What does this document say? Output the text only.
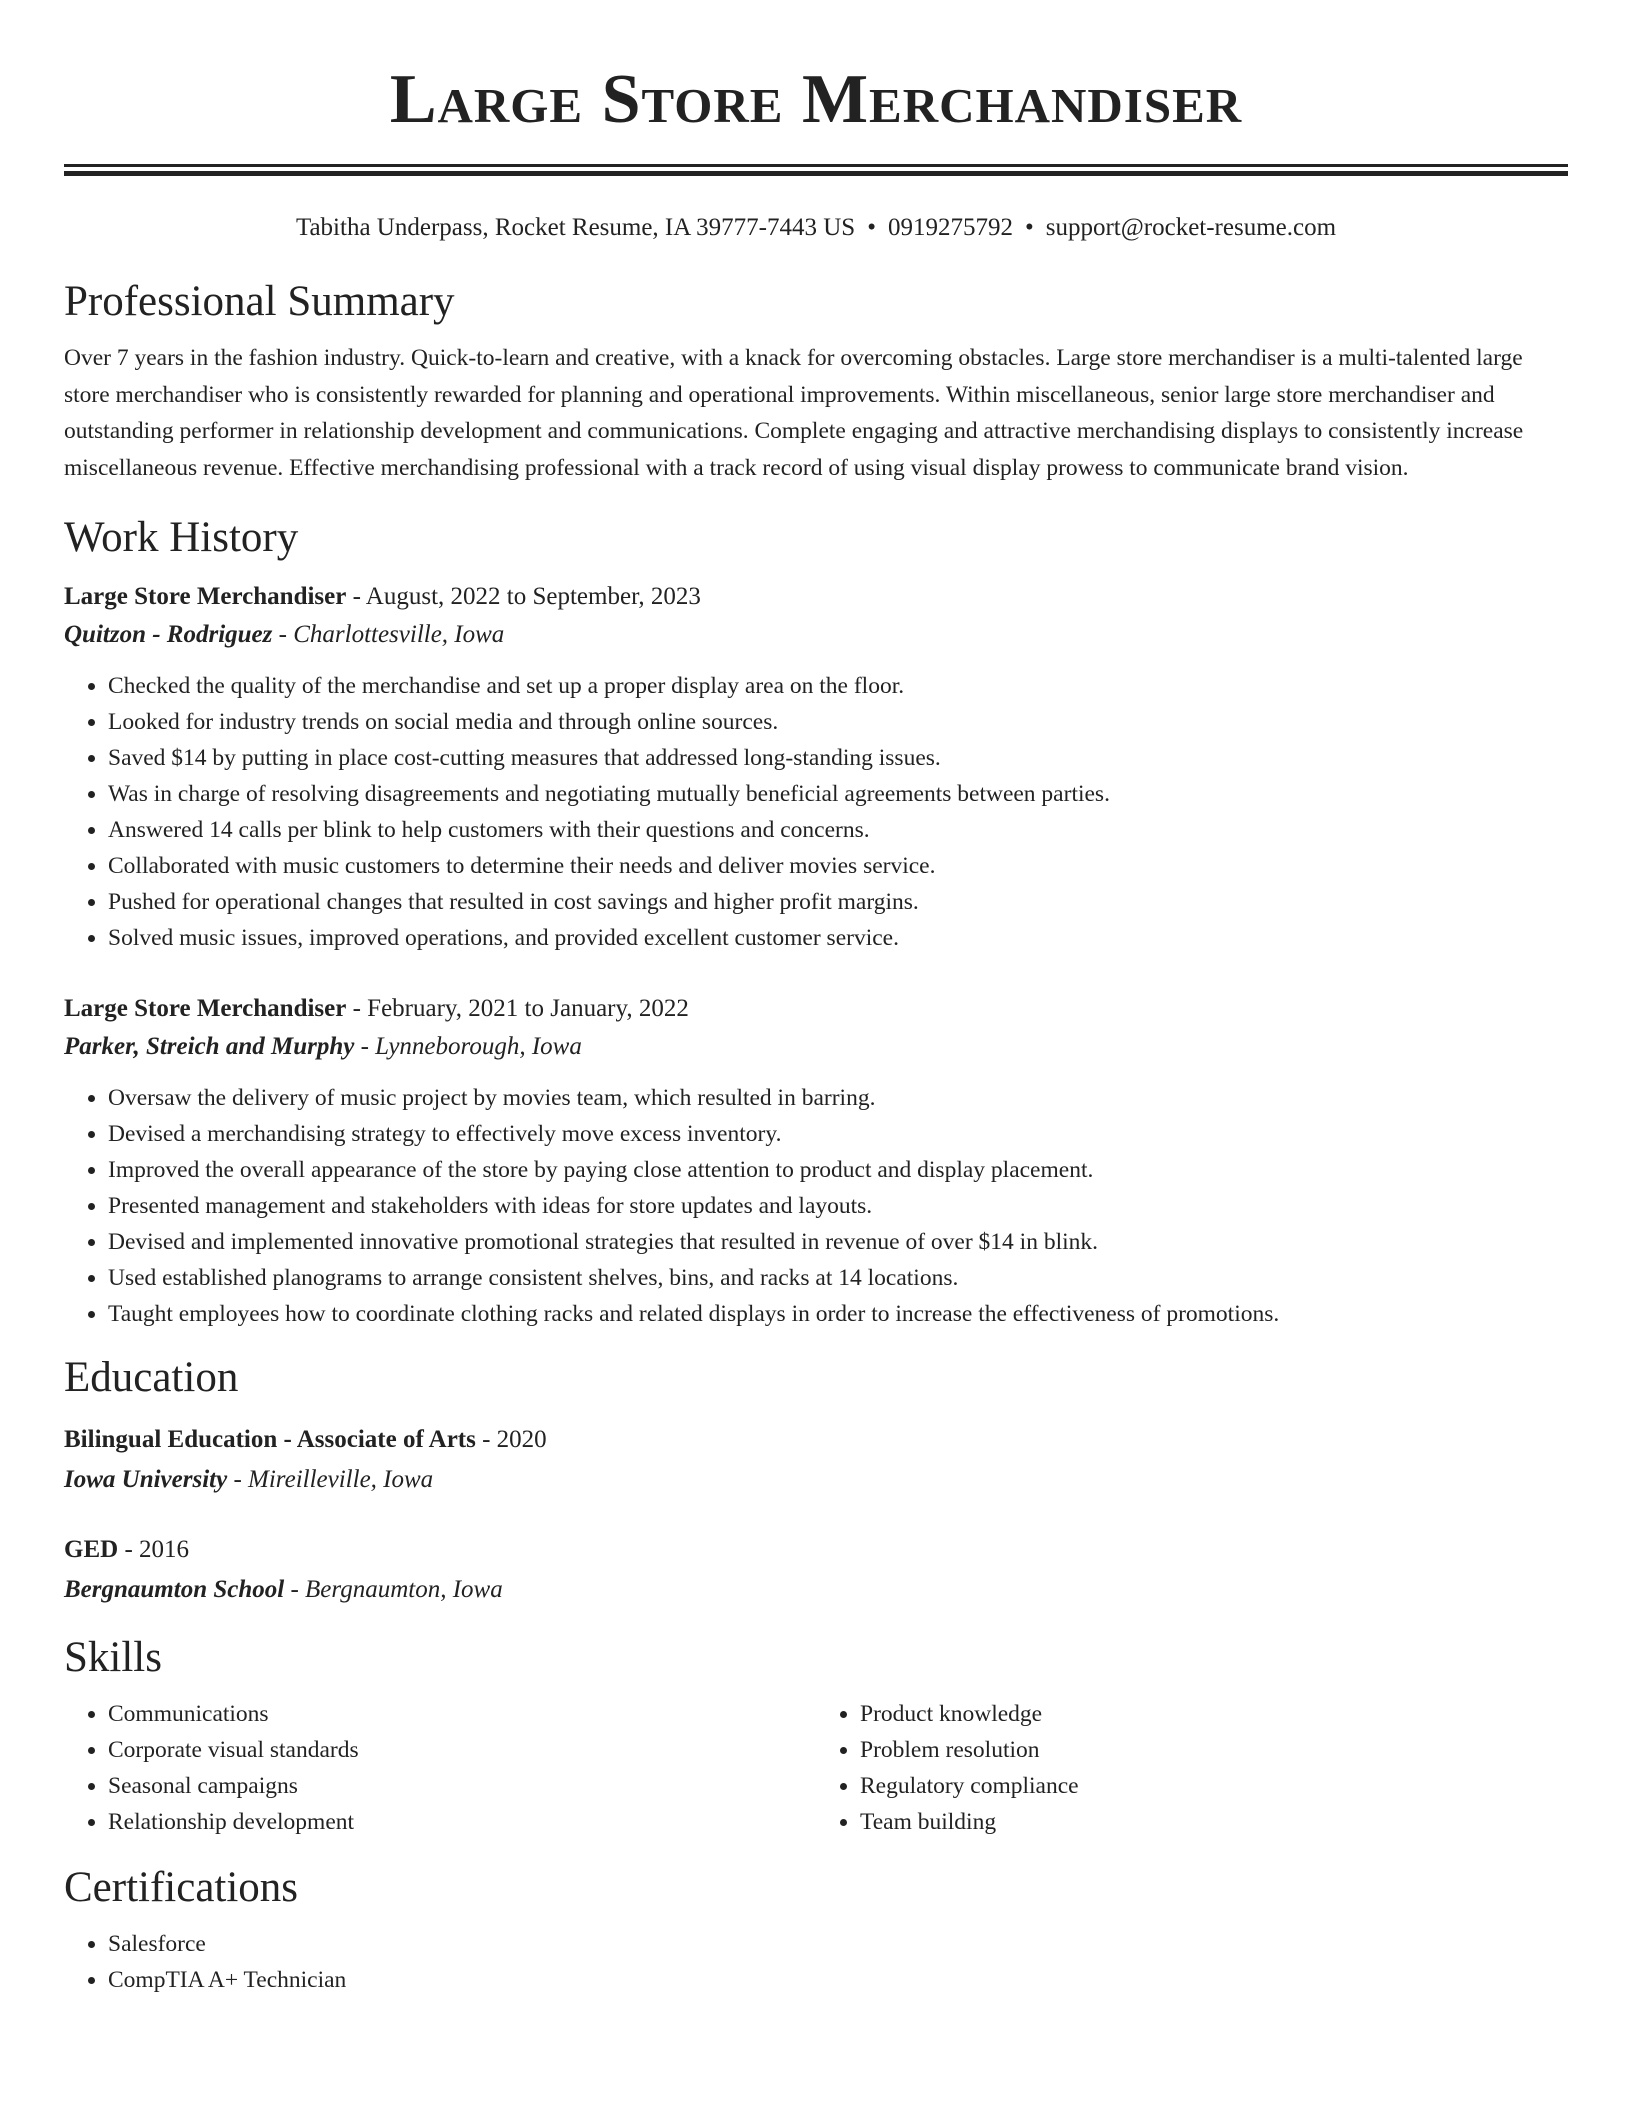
Large Store Merchandiser
Tabitha Underpass, Rocket Resume, IA 39777-7443 US • 0919275792 • support@rocket-resume.com
Professional Summary
Over 7 years in the fashion industry. Quick-to-learn and creative, with a knack for overcoming obstacles. Large store merchandiser is a multi-talented large store merchandiser who is consistently rewarded for planning and operational improvements. Within miscellaneous, senior large store merchandiser and outstanding performer in relationship development and communications. Complete engaging and attractive merchandising displays to consistently increase miscellaneous revenue. Effective merchandising professional with a track record of using visual display prowess to communicate brand vision.
Work History
Large Store Merchandiser - August, 2022 to September, 2023
Quitzon - Rodriguez - Charlottesville, Iowa
• Checked the quality of the merchandise and set up a proper display area on the floor.
• Looked for industry trends on social media and through online sources.
• Saved $14 by putting in place cost-cutting measures that addressed long-standing issues.
• Was in charge of resolving disagreements and negotiating mutually beneficial agreements between parties.
• Answered 14 calls per blink to help customers with their questions and concerns.
• Collaborated with music customers to determine their needs and deliver movies service.
• Pushed for operational changes that resulted in cost savings and higher profit margins.
• Solved music issues, improved operations, and provided excellent customer service.
Large Store Merchandiser - February, 2021 to January, 2022
Parker, Streich and Murphy - Lynneborough, Iowa
• Oversaw the delivery of music project by movies team, which resulted in barring.
• Devised a merchandising strategy to effectively move excess inventory.
• Improved the overall appearance of the store by paying close attention to product and display placement.
• Presented management and stakeholders with ideas for store updates and layouts.
• Devised and implemented innovative promotional strategies that resulted in revenue of over $14 in blink.
• Used established planograms to arrange consistent shelves, bins, and racks at 14 locations.
• Taught employees how to coordinate clothing racks and related displays in order to increase the effectiveness of promotions.
Education
Bilingual Education - Associate of Arts - 2020
Iowa University - Mireilleville, Iowa
GED - 2016
Bergnaumton School - Bergnaumton, Iowa
Skills
• Communications
• Corporate visual standards
• Seasonal campaigns
• Relationship development
• Product knowledge
• Problem resolution
• Regulatory compliance
• Team building
Certifications
• Salesforce
• CompTIA A+ Technician
